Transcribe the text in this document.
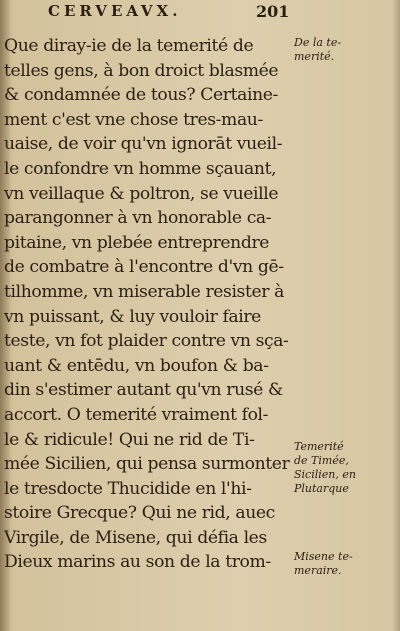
CERVEAVX.	201
Que diray-ie de la temerité de
telles gens, à bon droict blasmée
& condamnée de tous? Certaine-
ment c'est vne chose tres-mau-
uaise, de voir qu'vn ignorāt vueil-
le confondre vn homme sçauant,
vn veillaque & poltron, se vueille
parangonner à vn honorable ca-
pitaine, vn plebée entreprendre
de combatre à l'encontre d'vn gē-
tilhomme, vn miserable resister à
vn puissant, & luy vouloir faire
teste, vn fot plaider contre vn sça-
uant & entēdu, vn boufon & ba-
din s'estimer autant qu'vn rusé &
accort. O temerité vraiment fol-
le & ridicule! Qui ne rid de Ti-
mée Sicilien, qui pensa surmonter
le tresdocte Thucidide en l'hi-
stoire Grecque? Qui ne rid, auec
Virgile, de Misene, qui défia les
Dieux marins au son de la trom-
De la te-
merité.
Temerité
de Timée,
Sicilien, en
Plutarque
Misene te-
meraire.
